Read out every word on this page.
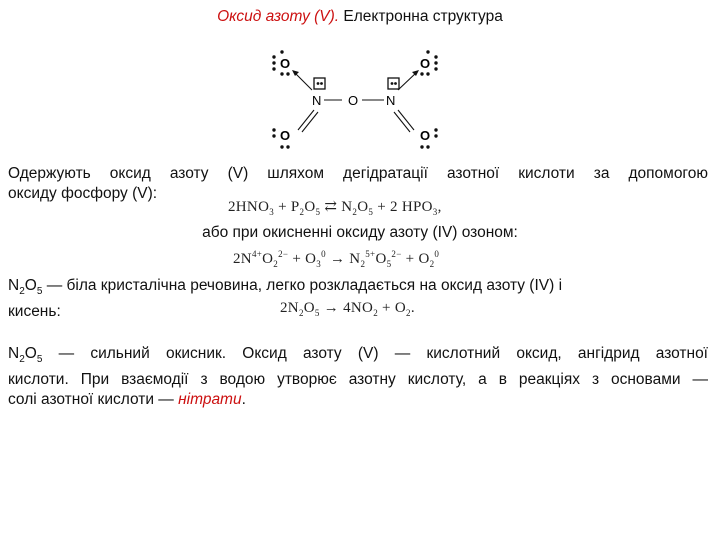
Оксид азоту (V). Електронна структура
O	O
N O N
O	O
Одержують оксид азоту (V) шляхом дегідратації азотної кислоти за допомогою
оксиду фосфору (V):
$2HNO_3 + P_2O_5$ ⇄ $N_2O_5 + 2$ $HPO_3$,
або при окисненні оксиду азоту (IV) озоном:
$2N^{4+}O_2^{2-} + O_3^0 \to N_2^{5+}O_5^{2-} + O_2^0$
$N_2O_5$ — біла кристалічна речовина, легко розкладається на оксид азоту (IV) і
кисень:	$2N_2O_5 \to 4NO_2 + O_2$.
$N_2O_5$ — сильний окисник. Оксид азоту (V) — кислотний оксид, ангідрид азотної
кислоти. При взаємодії з водою утворює азотну кислоту, а в реакціях з основами —
солі азотної кислоти — нітрати.
